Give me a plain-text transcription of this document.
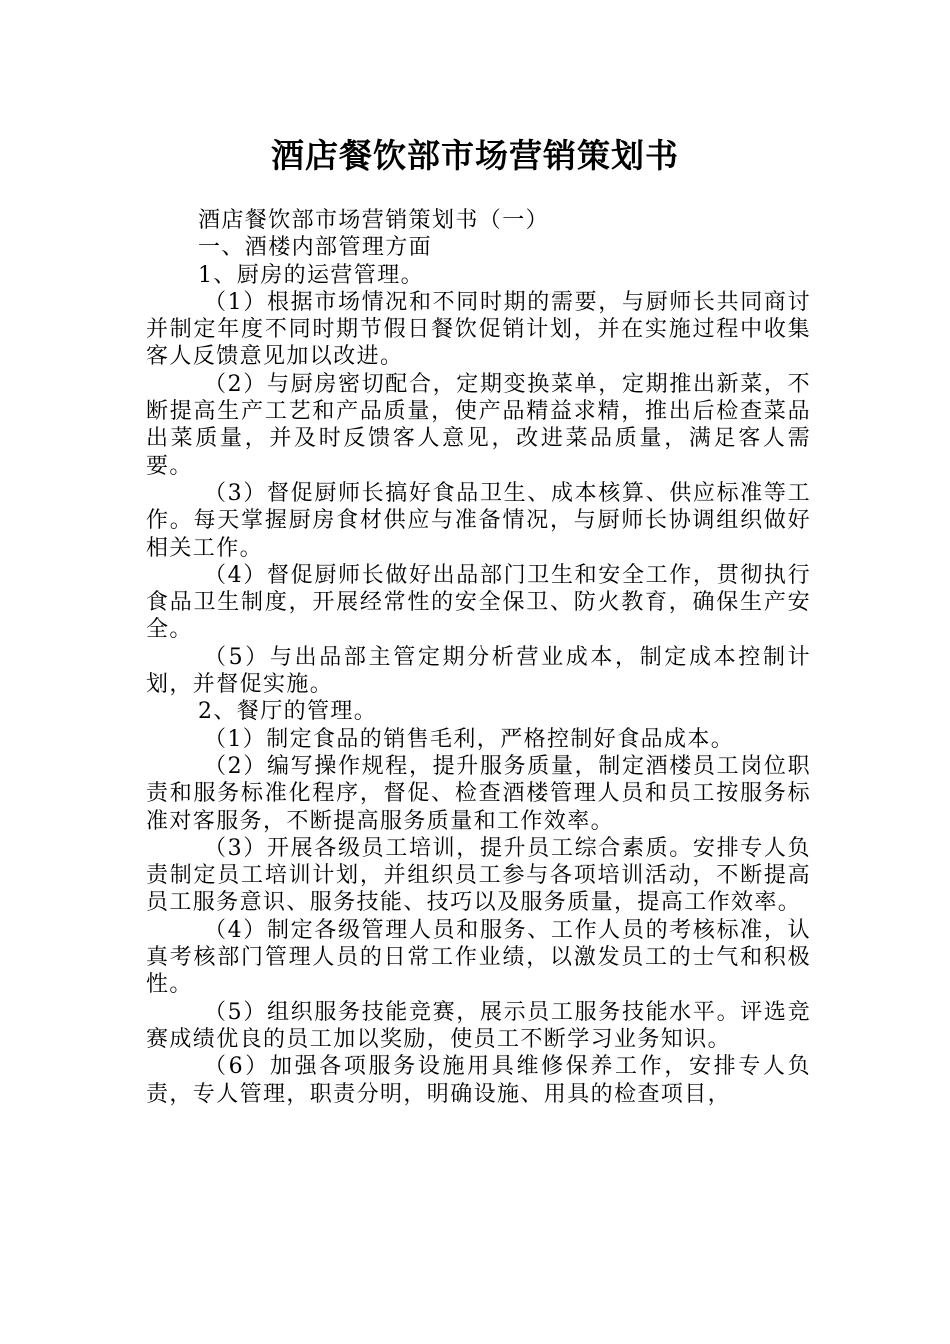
酒店餐饮部市场营销策划书

酒店餐饮部市场营销策划书（一）

一、酒楼内部管理方面

1、厨房的运营管理。

（1）根据市场情况和不同时期的需要，与厨师长共同商讨并制定年度不同时期节假日餐饮促销计划，并在实施过程中收集客人反馈意见加以改进。

（2）与厨房密切配合，定期变换菜单，定期推出新菜，不断提高生产工艺和产品质量，使产品精益求精，推出后检查菜品出菜质量，并及时反馈客人意见，改进菜品质量，满足客人需要。

（3）督促厨师长搞好食品卫生、成本核算、供应标准等工作。每天掌握厨房食材供应与准备情况，与厨师长协调组织做好相关工作。

（4）督促厨师长做好出品部门卫生和安全工作，贯彻执行食品卫生制度，开展经常性的安全保卫、防火教育，确保生产安全。

（5）与出品部主管定期分析营业成本，制定成本控制计划，并督促实施。

2、餐厅的管理。

（1）制定食品的销售毛利，严格控制好食品成本。

（2）编写操作规程，提升服务质量，制定酒楼员工岗位职责和服务标准化程序，督促、检查酒楼管理人员和员工按服务标准对客服务，不断提高服务质量和工作效率。

（3）开展各级员工培训，提升员工综合素质。安排专人负责制定员工培训计划，并组织员工参与各项培训活动，不断提高员工服务意识、服务技能、技巧以及服务质量，提高工作效率。

（4）制定各级管理人员和服务、工作人员的考核标准，认真考核部门管理人员的日常工作业绩，以激发员工的士气和积极性。

（5）组织服务技能竞赛，展示员工服务技能水平。评选竞赛成绩优良的员工加以奖励，使员工不断学习业务知识。

（6）加强各项服务设施用具维修保养工作，安排专人负责，专人管理，职责分明，明确设施、用具的检查项目，
